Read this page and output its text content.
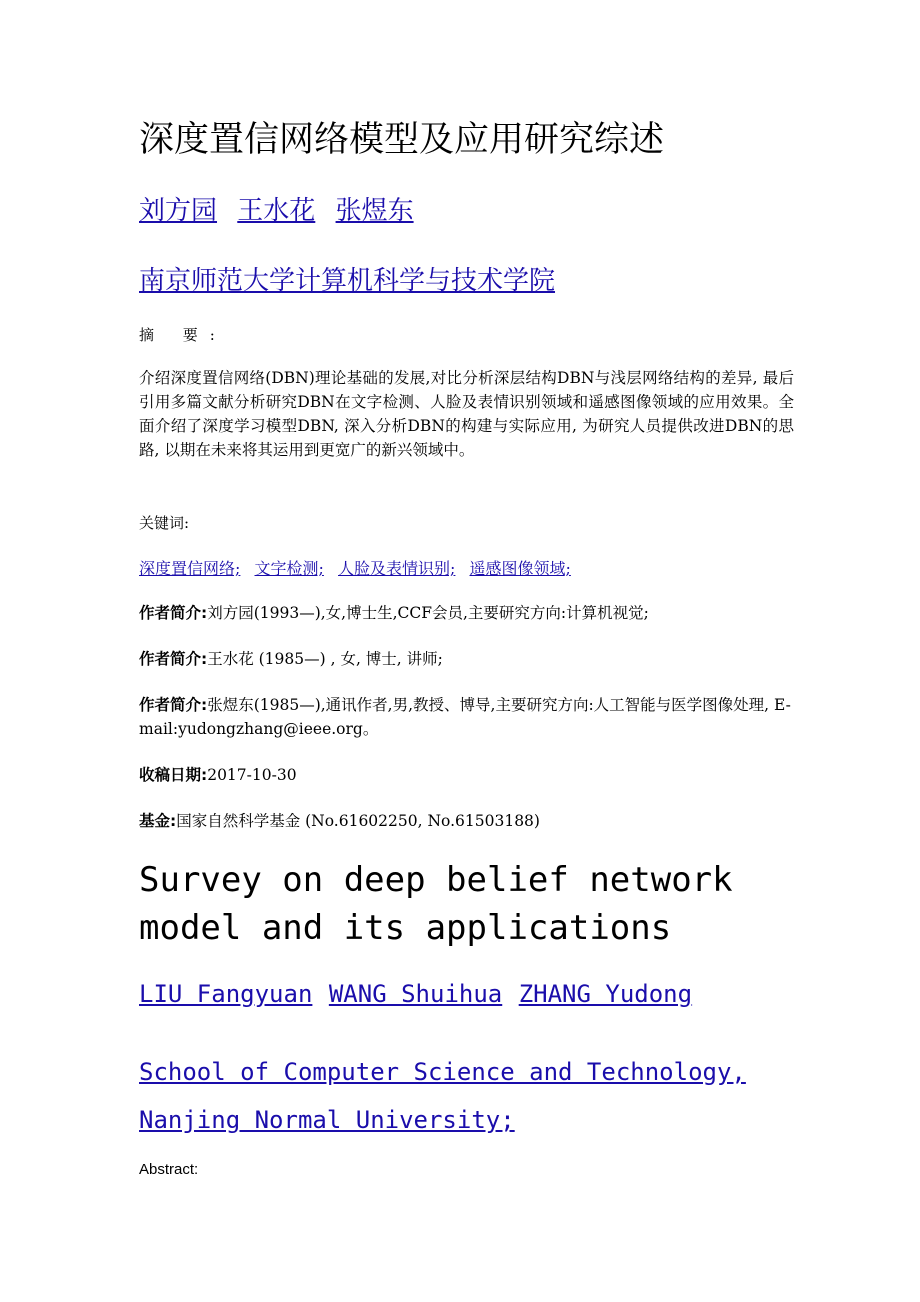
深度置信网络模型及应用研究综述
刘方园 王水花 张煜东
南京师范大学计算机科学与技术学院
摘 要:
介绍深度置信网络(DBN)理论基础的发展,对比分析深层结构DBN与浅层网络结构的差异, 最后引用多篇文献分析研究DBN在文字检测、人脸及表情识别领域和遥感图像领域的应用效果。全面介绍了深度学习模型DBN, 深入分析DBN的构建与实际应用, 为研究人员提供改进DBN的思路, 以期在未来将其运用到更宽广的新兴领域中。
关键词:
深度置信网络; 文字检测; 人脸及表情识别; 遥感图像领域;
作者简介:刘方园(1993—),女,博士生,CCF会员,主要研究方向:计算机视觉;
作者简介:王水花 (1985—) , 女, 博士, 讲师;
作者简介:张煜东(1985—),通讯作者,男,教授、博导,主要研究方向:人工智能与医学图像处理, E-mail:yudongzhang@ieee.org。
收稿日期:2017-10-30
基金:国家自然科学基金 (No.61602250, No.61503188)
Survey on deep belief network model and its applications
LIU Fangyuan WANG Shuihua ZHANG Yudong
School of Computer Science and Technology, Nanjing Normal University;
Abstract:
